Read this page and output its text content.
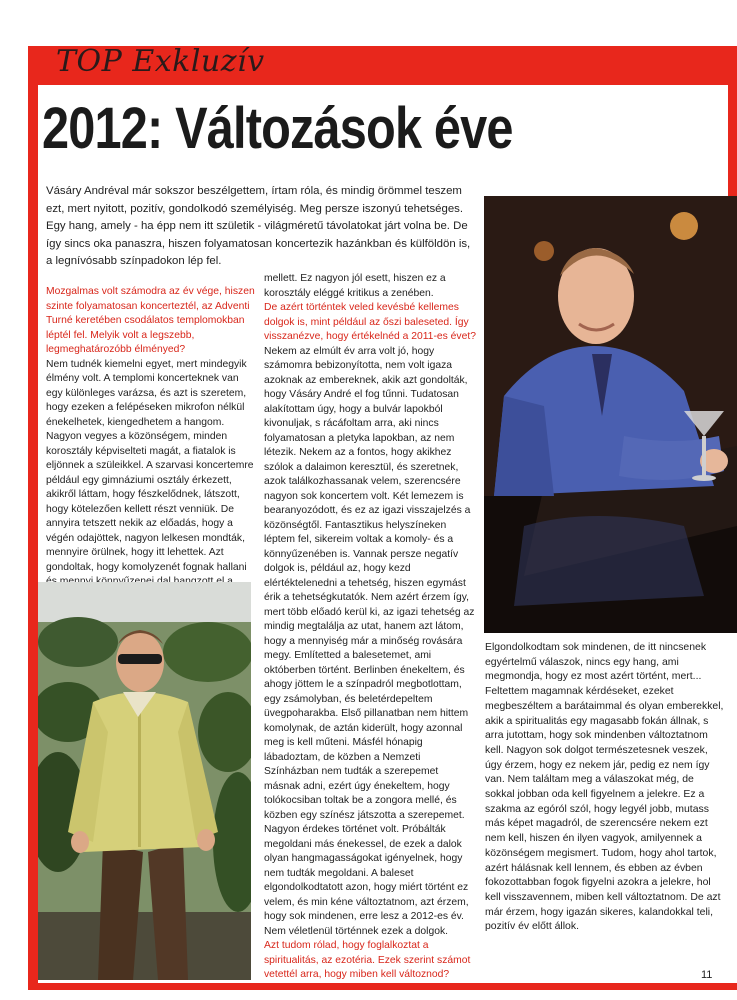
TOP Exkluzív
2012: Változások éve
Vásáry Andréval már sokszor beszélgettem, írtam róla, és mindig örömmel teszem ezt, mert nyitott, pozitív, gondolkodó személyiség. Meg persze iszonyú tehetséges. Egy hang, amely - ha épp nem itt születik - világméretű távolatokat járt volna be. De így sincs oka panaszra, hiszen folyamatosan koncertezik hazánkban és külföldön is, a legnívósabb színpadokon lép fel.

Mozgalmas volt számodra az év vége, hiszen szinte folyamatosan koncerteztél, az Adventi Turné keretében csodálatos templomokban léptél fel. Melyik volt a legszebb, legmeghatározóbb élményed?

Nem tudnék kiemelni egyet, mert mindegyik élmény volt. A templomi koncerteknek van egy különleges varázsa, és azt is szeretem, hogy ezeken a felépéseken mikrofon nélkül énekelhetek, kiengedhetem a hangom. Nagyon vegyes a közönségem, minden korosztály képviselteti magát, a fiatalok is eljönnek a szüleikkel. A szarvasi koncertemre például egy gimnáziumi osztály érkezett, akikről láttam, hogy fészkelődnek, látszott, hogy kötelezően kellett részt venniük. De annyira tetszett nekik az előadás, hogy a végén odajöttek, nagyon lelkesen mondták, mennyire örülnek, hogy itt lehettek. Azt gondoltak, hogy komolyzenét fognak hallani

mellett. Ez nagyon jól esett, hiszen ez a korosztály eléggé kritikus a zenében.

De azért történtek veled kevésbé kellemes dolgok is, mint például az őszi baleseted. Így visszanézve, hogy értékelnéd a 2011-es évet?

Nekem az elmúlt év arra volt jó, hogy számomra bebizonyította, nem volt igaza azoknak az embereknek, akik azt gondolták, hogy Vásáry André el fog tűnni. Tudatosan alakítottam úgy, hogy a bulvár lapokból kivonuljak, s rácáfoltam arra, aki nincs folyamatosan a pletyka lapokban, az nem létezik. Nekem az a fontos, hogy akikhez szólok a dalaimon keresztül, és szeretnek, azok találkozhassanak velem, szerencsére nagyon sok koncertem volt. Két lemezem is bearanyozódott, és ez az igazi visszajelzés a közönségtől. Fantasztikus helyszíneken léptem fel, sikereim voltak a komoly- és a könnyűzenében is. Vannak persze negatív dolgok is, például az, hogy kezd elértéktelenedni a tehetség, hiszen egymást érik a tehetségkutatók. Nem azért érzem így, mert több előadó kerül ki, az igazi tehetség az mindig megtalálja az utat, hanem azt látom, hogy a mennyiség már a minőség rovására megy. Említetted a balesetemet, ami októberben történt. Berlinben énekeltem, és ahogy jöttem le a színpadról megbotlottam, egy zsámolyban, és beletérdepeltem üvegpoharakba. Első pillanatban nem hittem komolynak, de aztán kiderült, hogy azonnal meg is kell műteni. Másfél hónapig lábadoztam, de közben a Nemzeti Színházban nem tudták a szerepemet másnak adni, ezért úgy énekeltem, hogy tolókocsiban toltak be a zongora mellé, és közben egy színész játszotta a szerepemet. Nagyon érdekes történet volt. Próbálták megoldani más énekessel, de ezek a dalok olyan hangmagasságokat igényelnek, hogy nem tudták megoldani. A baleset elgondolkodtatott azon, hogy miért történt ez velem, és min kéne változtatnom, azt érzem, hogy sok mindenen, erre lesz a 2012-es év. Nem véletlenül történnek ezek a dolgok.

Azt tudom rólad, hogy foglalkoztat a spiritualitás, az ezotéria. Ezek szerint számot vetettél arra, hogy miben kell változnod?

Elgondolkodtam sok mindenen, de itt nincsenek egyértelmű válaszok, nincs egy hang, ami megmondja, hogy ez most azért történt, mert... Feltettem magamnak kérdéseket, ezeket megbeszéltem a barátaimmal és olyan emberekkel, akik a spiritualitás egy magasabb fokán állnak, s arra jutottam, hogy sok mindenben változtatnom kell. Nagyon sok dolgot természetesnek veszek, úgy érzem, hogy ez nekem jár, pedig ez nem így van. Nem találtam meg a válaszokat még, de sokkal jobban oda kell figyelnem a jelekre. Ez a szakma az egóról szól, hogy legyél jobb, mutass más képet magadról, de szerencsére nekem ezt nem kell, hiszen én ilyen vagyok, amilyennek a közönségem megismert. Tudom, hogy ahol tartok, azért hálásnak kell lennem, és ebben az évben fokozottabban fogok figyelni azokra a jelekre, hol kell visszavennem, miben kell változtatnom. De azt már érzem, hogy igazán sikeres, kalandokkal teli, pozitív év előtt állok.

11
